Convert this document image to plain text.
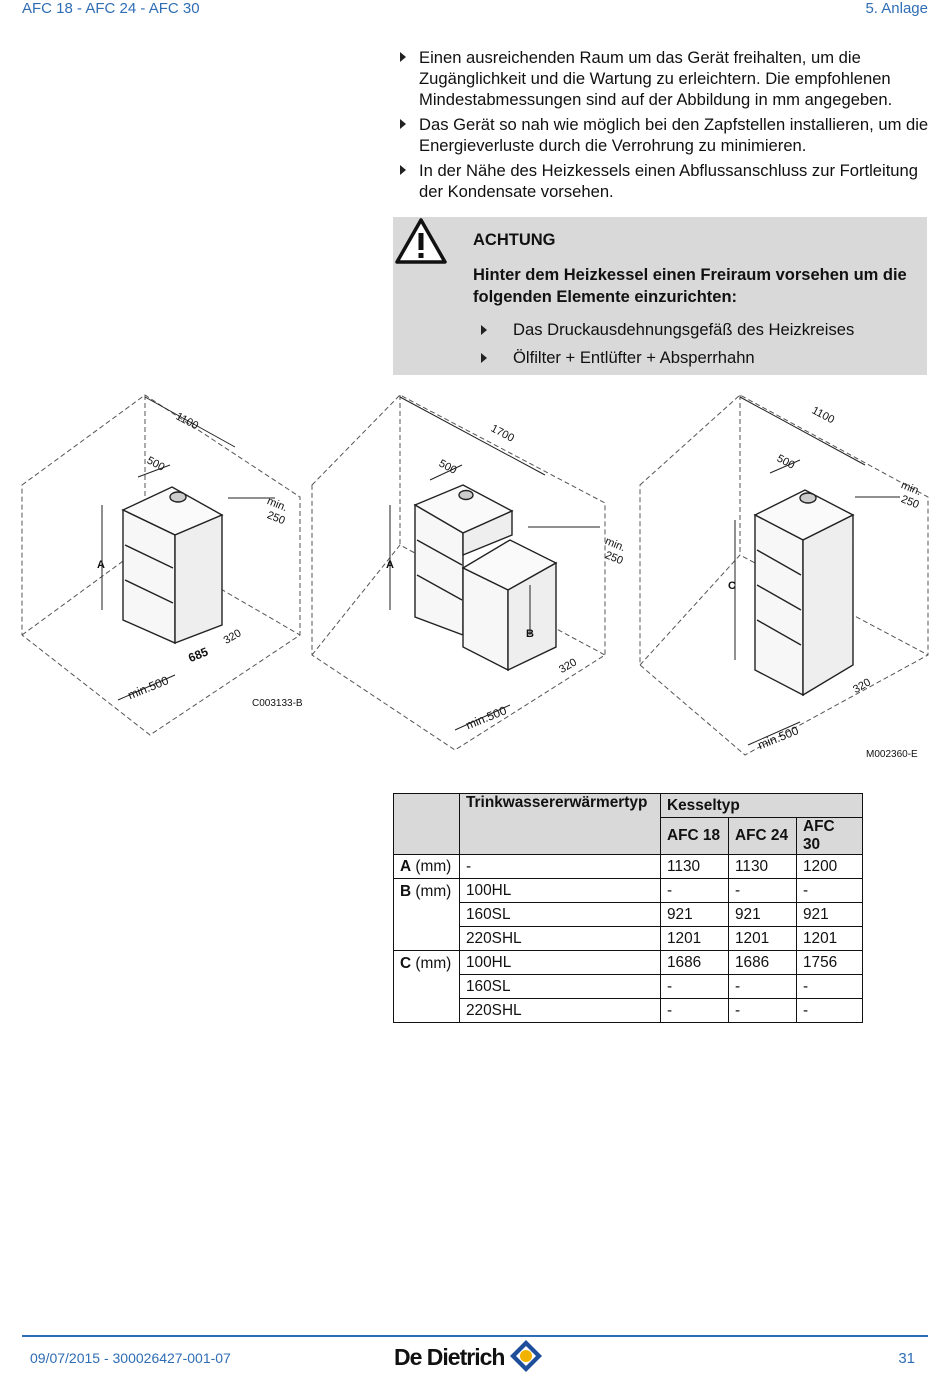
AFC 18 - AFC 24 - AFC 30	5. Anlage
Einen ausreichenden Raum um das Gerät freihalten, um die Zugänglichkeit und die Wartung zu erleichtern. Die empfohlenen Mindestabmessungen sind auf der Abbildung in mm angegeben.
Das Gerät so nah wie möglich bei den Zapfstellen installieren, um die Energieverluste durch die Verrohrung zu minimieren.
In der Nähe des Heizkessels einen Abflussanschluss zur Fortleitung der Kondensate vorsehen.
ACHTUNG
Hinter dem Heizkessel einen Freiraum vorsehen um die folgenden Elemente einzurichten:
Das Druckausdehnungsgefäß des Heizkreises
Ölfilter + Entlüfter + Absperrhahn
1100
500
min.
250
A
min.500
685
320
1700
500
min.
250
A
B
min.500
320
1100
500
min.
250
C
min.500
320
C003133-B
M002360-E
	Trinkwassererwärmertyp	Kesseltyp		
		AFC 18	AFC 24	AFC 30
A (mm)	-	1130	1130	1200
B (mm)	100HL	-	-	-
	160SL	921	921	921
	220SHL	1201	1201	1201
C (mm)	100HL	1686	1686	1756
	160SL	-	-	-
	220SHL	-	-	-
09/07/2015 - 300026427-001-07	De Dietrich	31
